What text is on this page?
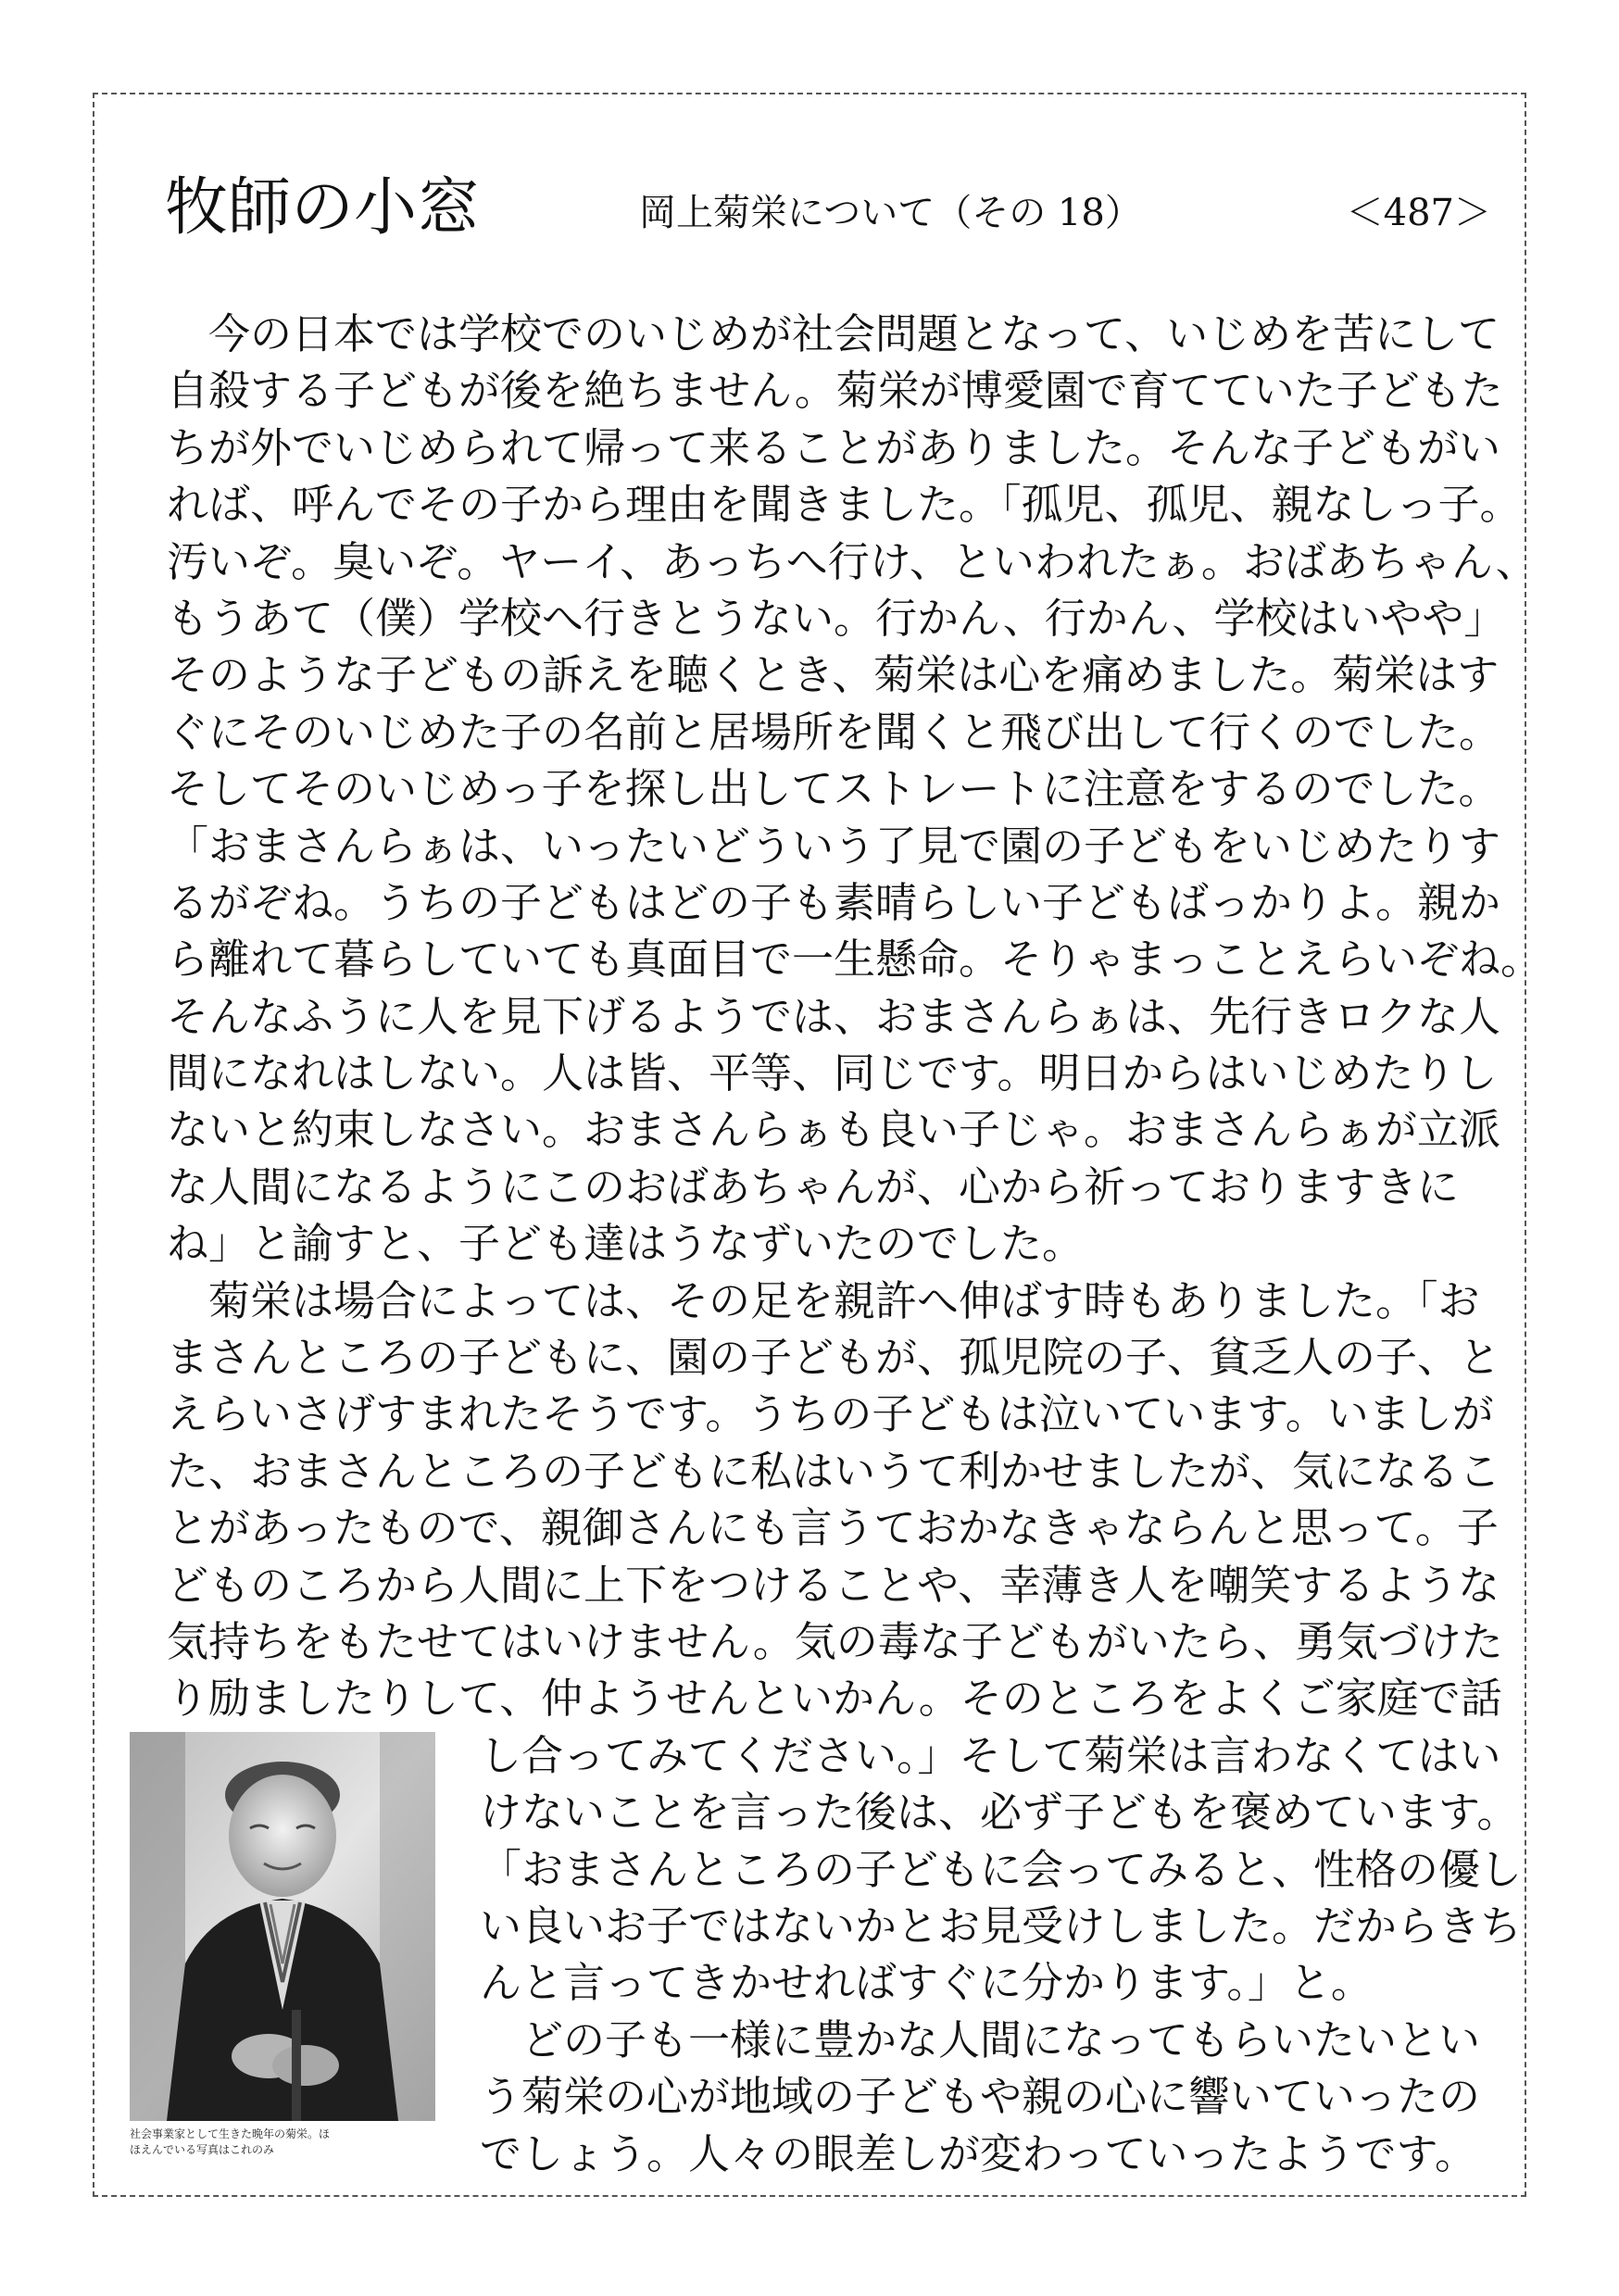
牧師の小窓	岡上菊栄について（その 18）	＜487＞
　今の日本では学校でのいじめが社会問題となって、いじめを苦にして
自殺する子どもが後を絶ちません。菊栄が博愛園で育てていた子どもた
ちが外でいじめられて帰って来ることがありました。そんな子どもがい
れば、呼んでその子から理由を聞きました。「孤児、孤児、親なしっ子。
汚いぞ。臭いぞ。ヤーイ、あっちへ行け、といわれたぁ。おばあちゃん、
もうあて（僕）学校へ行きとうない。行かん、行かん、学校はいやや」
そのような子どもの訴えを聴くとき、菊栄は心を痛めました。菊栄はす
ぐにそのいじめた子の名前と居場所を聞くと飛び出して行くのでした。
そしてそのいじめっ子を探し出してストレートに注意をするのでした。
「おまさんらぁは、いったいどういう了見で園の子どもをいじめたりす
るがぞね。うちの子どもはどの子も素晴らしい子どもばっかりよ。親か
ら離れて暮らしていても真面目で一生懸命。そりゃまっことえらいぞね。
そんなふうに人を見下げるようでは、おまさんらぁは、先行きロクな人
間になれはしない。人は皆、平等、同じです。明日からはいじめたりし
ないと約束しなさい。おまさんらぁも良い子じゃ。おまさんらぁが立派
な人間になるようにこのおばあちゃんが、心から祈っておりますきに
ね」と諭すと、子ども達はうなずいたのでした。
　菊栄は場合によっては、その足を親許へ伸ばす時もありました。「お
まさんところの子どもに、園の子どもが、孤児院の子、貧乏人の子、と
えらいさげすまれたそうです。うちの子どもは泣いています。いましが
た、おまさんところの子どもに私はいうて利かせましたが、気になるこ
とがあったもので、親御さんにも言うておかなきゃならんと思って。子
どものころから人間に上下をつけることや、幸薄き人を嘲笑するような
気持ちをもたせてはいけません。気の毒な子どもがいたら、勇気づけた
り励ましたりして、仲ようせんといかん。そのところをよくご家庭で話
し合ってみてください。」そして菊栄は言わなくてはい
けないことを言った後は、必ず子どもを褒めています。
「おまさんところの子どもに会ってみると、性格の優し
い良いお子ではないかとお見受けしました。だからきち
んと言ってきかせればすぐに分かります。」と。
　どの子も一様に豊かな人間になってもらいたいとい
う菊栄の心が地域の子どもや親の心に響いていったの
でしょう。人々の眼差しが変わっていったようです。
社会事業家として生きた晩年の菊栄。ほ
ほえんでいる写真はこれのみ
